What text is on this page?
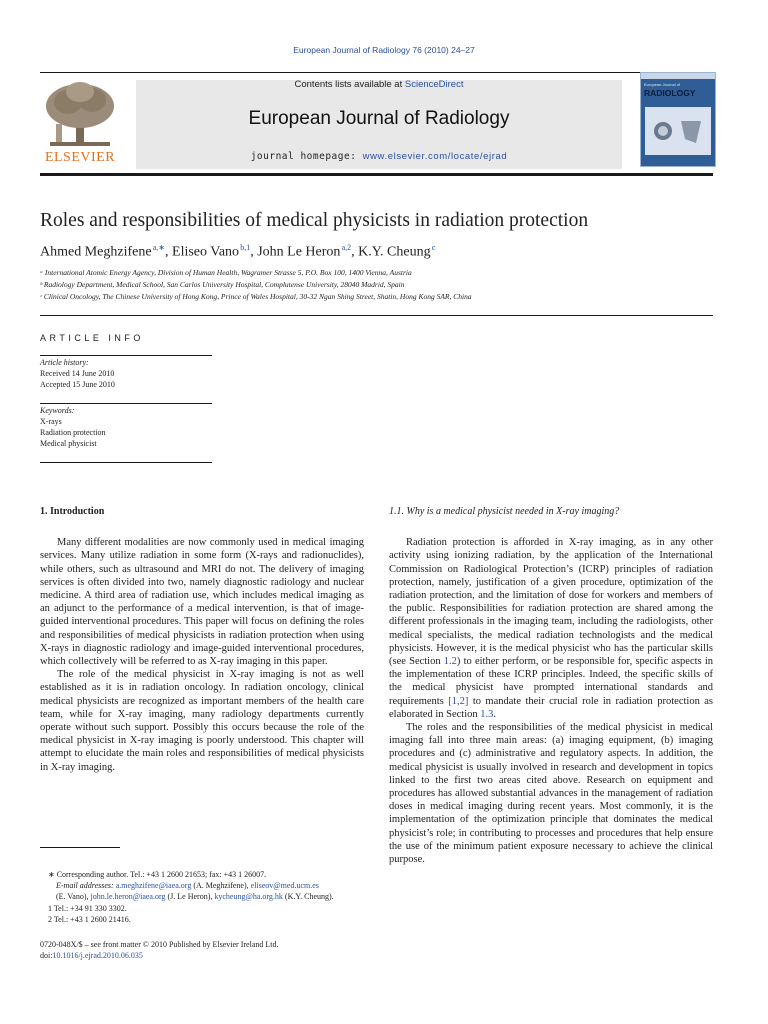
European Journal of Radiology 76 (2010) 24–27
ELSEVIER
Contents lists available at ScienceDirect
European Journal of Radiology
journal homepage: www.elsevier.com/locate/ejrad
European Journal of
RADIOLOGY
Roles and responsibilities of medical physicists in radiation protection
Ahmed Meghzifene $^{a,∗}$, Eliseo Vano $^{b,1}$, John Le Heron $^{a,2}$, K.Y. Cheung $^c$
ᵃ International Atomic Energy Agency, Division of Human Health, Wagramer Strasse 5, P.O. Box 100, 1400 Vienna, Austria
ᵇ Radiology Department, Medical School, San Carlos University Hospital, Complutense University, 28040 Madrid, Spain
ᶜ Clinical Oncology, The Chinese University of Hong Kong, Prince of Wales Hospital, 30-32 Ngan Shing Street, Shatin, Hong Kong SAR, China
ARTICLE INFO
Article history:
Received 14 June 2010
Accepted 15 June 2010
Keywords:
X-rays
Radiation protection
Medical physicist

1. Introduction

Many different modalities are now commonly used in medical imaging services. Many utilize radiation in some form (X-rays and radionuclides), while others, such as ultrasound and MRI do not. The delivery of imaging services is often divided into two, namely diagnostic radiology and nuclear medicine. A third area of radiation use, which includes medical imaging as an adjunct to the performance of a medical intervention, is that of image-guided interventional procedures. This paper will focus on defining the roles and responsibilities of medical physicists in radiation protection when using X-rays in diagnostic radiology and image-guided interventional procedures, which collectively will be referred to as X-ray imaging in this paper.

The role of the medical physicist in X-ray imaging is not as well established as it is in radiation oncology. In radiation oncology, clinical medical physicists are recognized as important members of the health care team, while for X-ray imaging, many radiology departments currently operate without such support. Possibly this occurs because the role of the medical physicist in X-ray imaging is poorly understood. This chapter will attempt to elucidate the main roles and responsibilities of medical physicists in X-ray imaging.

1.1. Why is a medical physicist needed in X-ray imaging?

Radiation protection is afforded in X-ray imaging, as in any other activity using ionizing radiation, by the application of the International Commission on Radiological Protection’s (ICRP) principles of radiation protection, namely, justification of a given procedure, optimization of the radiation protection, and the limitation of dose for workers and members of the public. Responsibilities for radiation protection are shared among the different professionals in the imaging team, including the radiologists, other medical specialists, the medical radiation technologists and the medical physicists. However, it is the medical physicist who has the particular skills (see Section 1.2) to either perform, or be responsible for, specific aspects in the implementation of these ICRP principles. Indeed, the specific skills of the medical physicist have prompted international standards and requirements [1,2] to mandate their crucial role in radiation protection as elaborated in Section 1.3.

The roles and the responsibilities of the medical physicist in medical imaging fall into three main areas: (a) imaging equipment, (b) imaging procedures and (c) administrative and regulatory aspects. In addition, the medical physicist is usually involved in research and development in topics linked to the first two areas cited above. Research on equipment and procedures has allowed substantial advances in the management of radiation doses in medical imaging during recent years. Most commonly, it is the implementation of the optimization principle that dominates the medical physicist’s role; in contributing to processes and procedures that help ensure the use of the minimum patient exposure necessary to achieve the clinical purpose.

∗ Corresponding author. Tel.: +43 1 2600 21653; fax: +43 1 26007.
E-mail addresses: a.meghzifene@iaea.org (A. Meghzifene), eliseov@med.ucm.es
(E. Vano), john.le.heron@iaea.org (J. Le Heron), kycheung@ha.org.hk (K.Y. Cheung).
1 Tel.: +34 91 330 3302.
2 Tel.: +43 1 2600 21416.
0720-048X/$ – see front matter © 2010 Published by Elsevier Ireland Ltd.
doi:10.1016/j.ejrad.2010.06.035
